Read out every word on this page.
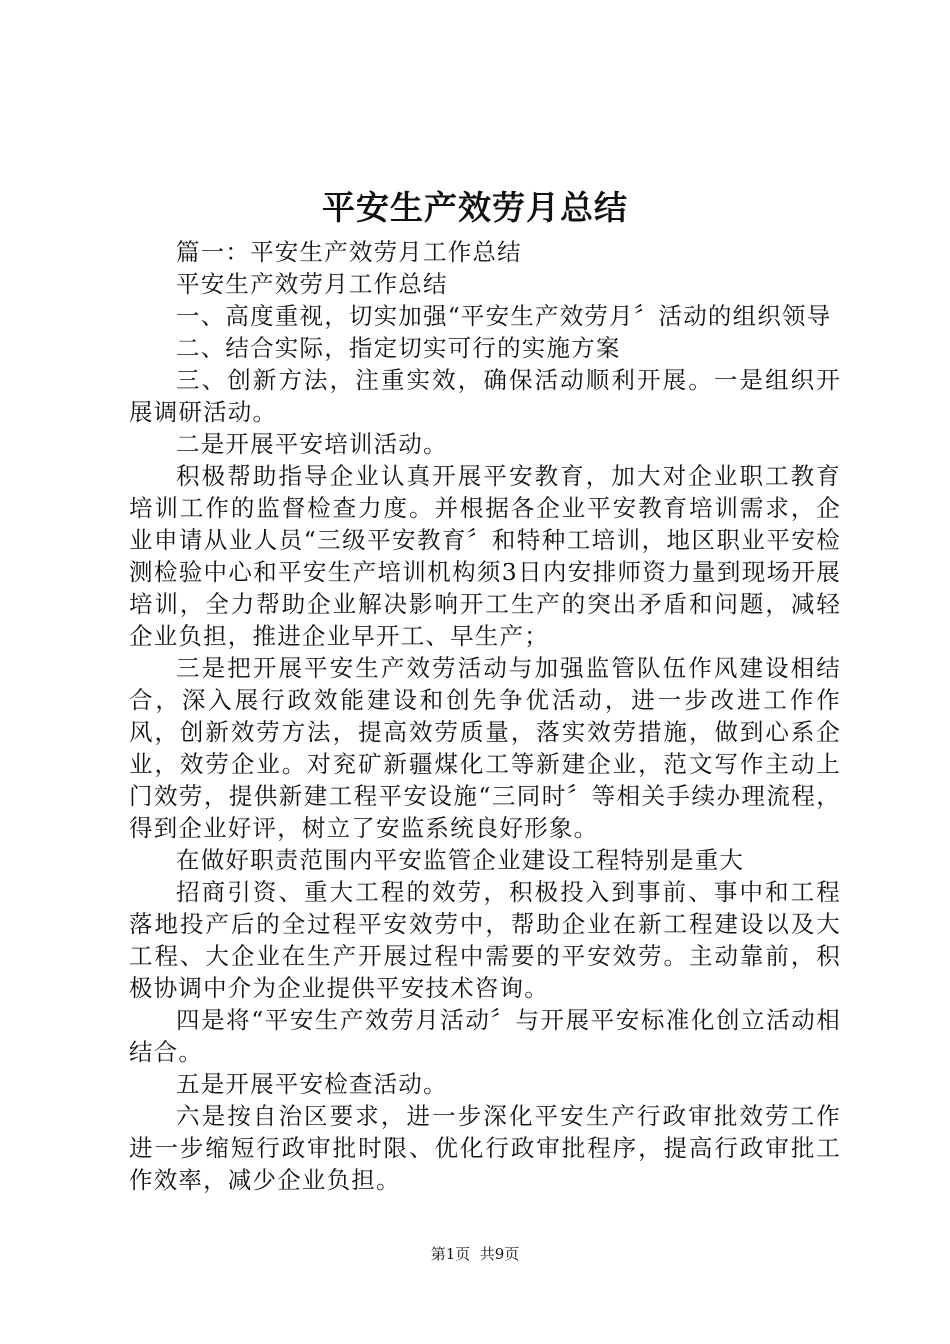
平安生产效劳月总结

篇一：平安生产效劳月工作总结

平安生产效劳月工作总结

一、高度重视，切实加强“平安生产效劳月〞活动的组织领导

二、结合实际，指定切实可行的实施方案

三、创新方法，注重实效，确保活动顺利开展。一是组织开展调研活动。

二是开展平安培训活动。

积极帮助指导企业认真开展平安教育，加大对企业职工教育培训工作的监督检查力度。并根据各企业平安教育培训需求，企业申请从业人员“三级平安教育〞和特种工培训，地区职业平安检测检验中心和平安生产培训机构须3日内安排师资力量到现场开展培训，全力帮助企业解决影响开工生产的突出矛盾和问题，减轻企业负担，推进企业早开工、早生产；

三是把开展平安生产效劳活动与加强监管队伍作风建设相结合，深入展行政效能建设和创先争优活动，进一步改进工作作风，创新效劳方法，提高效劳质量，落实效劳措施，做到心系企业，效劳企业。对兖矿新疆煤化工等新建企业，范文写作主动上门效劳，提供新建工程平安设施“三同时〞等相关手续办理流程，得到企业好评，树立了安监系统良好形象。

在做好职责范围内平安监管企业建设工程特别是重大

招商引资、重大工程的效劳，积极投入到事前、事中和工程落地投产后的全过程平安效劳中，帮助企业在新工程建设以及大工程、大企业在生产开展过程中需要的平安效劳。主动靠前，积极协调中介为企业提供平安技术咨询。

四是将“平安生产效劳月活动〞与开展平安标准化创立活动相结合。

五是开展平安检查活动。

六是按自治区要求，进一步深化平安生产行政审批效劳工作进一步缩短行政审批时限、优化行政审批程序，提高行政审批工作效率，减少企业负担。

第1页  共9页
